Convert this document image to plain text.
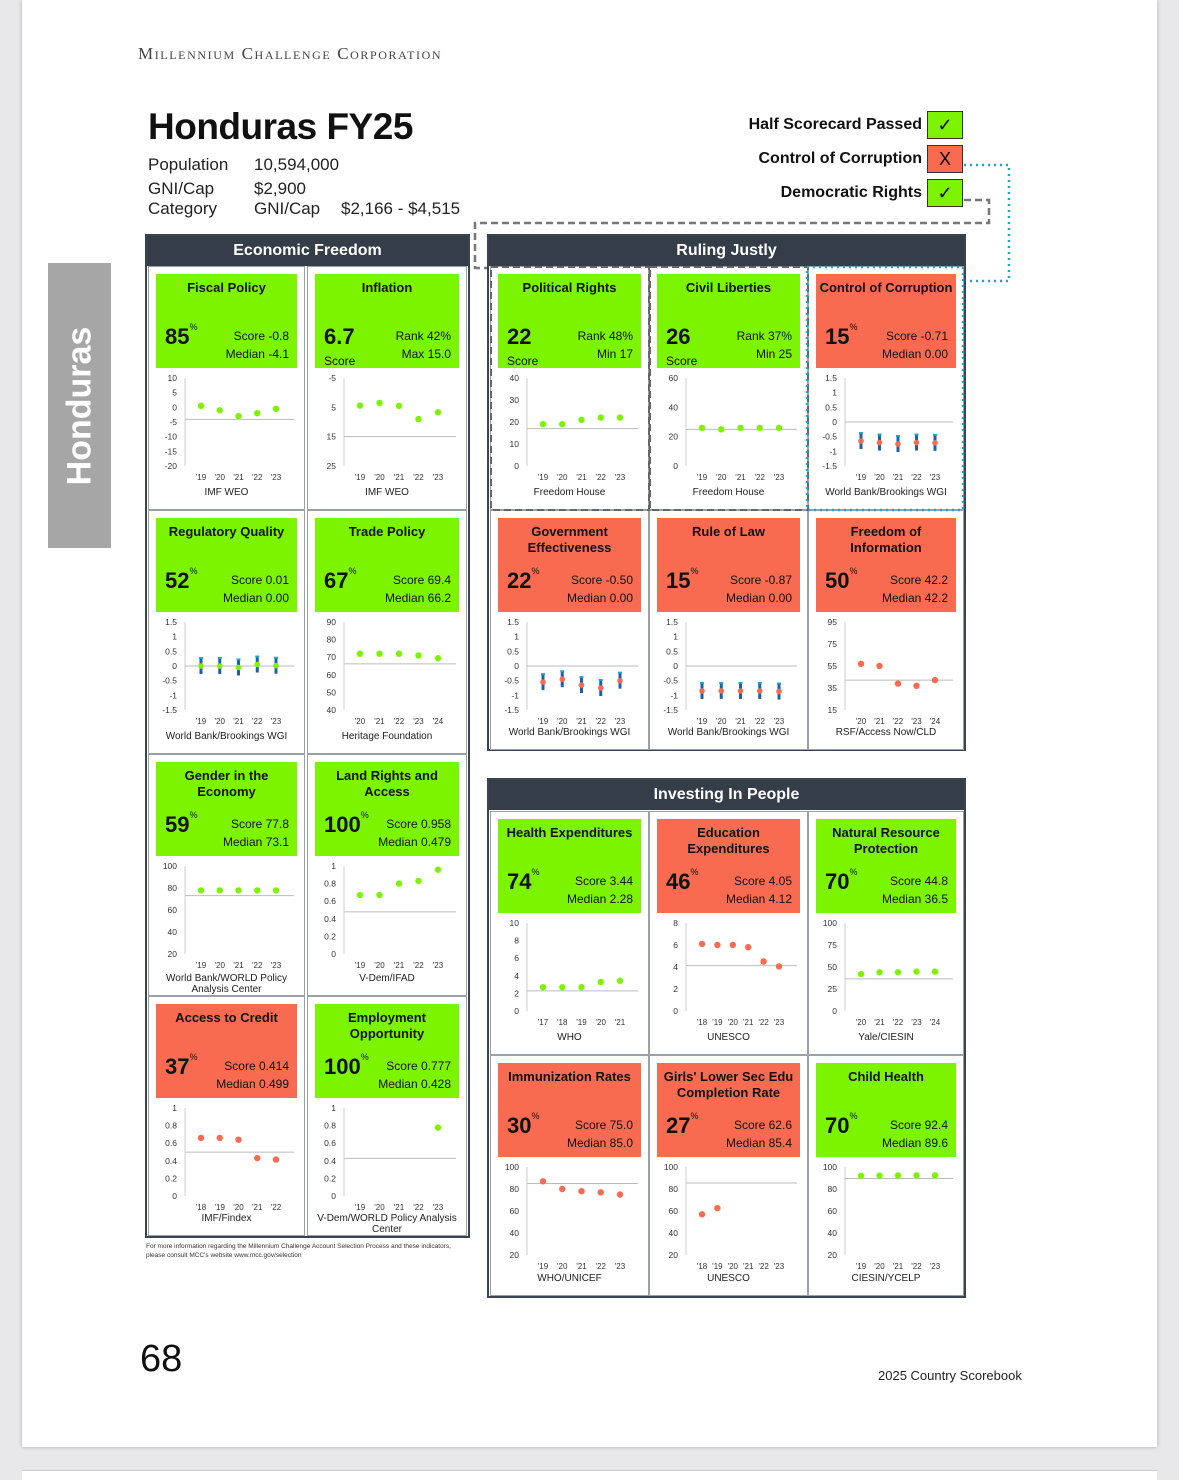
Millennium Challenge Corporation
Honduras FY25
Population 10,594,000
GNI/Cap $2,900
Category GNI/Cap $2,166 - $4,515
Honduras
Half Scorecard Passed ✓
Control of Corruption X
Democratic Rights ✓
Economic Freedom	Ruling Justly
Investing In People
Fiscal Policy
85%
Score -0.8
Median -4.1
IMF WEO
10
5
0
-5
-10
-15
-20
'19 '20 '21 '22 '23
Inflation
6.7
Score
Rank 42%
Max 15.0
IMF WEO
-5
5
15
25
'19 '20 '21 '22 '23
Political Rights
22
Score
Rank 48%
Min 17
Freedom House
40
30
20
10
0
'19 '20 '21 '22 '23
Civil Liberties
26
Score
Rank 37%
Min 25
Freedom House
60
40
20
0
'19 '20 '21 '22 '23
Control of Corruption
15%
Score -0.71
Median 0.00
World Bank/Brookings WGI
1.5
1
0.5
0
-0.5
-1
-1.5
'19 '20 '21 '22 '23
Regulatory Quality
52%
Score 0.01
Median 0.00
World Bank/Brookings WGI
1.5
1
0.5
0
-0.5
-1
-1.5
'19 '20 '21 '22 '23
Trade Policy
67%
Score 69.4
Median 66.2
Heritage Foundation
90
80
70
60
50
40
'20 '21 '22 '23 '24
Government Effectiveness
22%
Score -0.50
Median 0.00
World Bank/Brookings WGI
1.5
1
0.5
0
-0.5
-1
-1.5
'19 '20 '21 '22 '23
Rule of Law
15%
Score -0.87
Median 0.00
World Bank/Brookings WGI
1.5
1
0.5
0
-0.5
-1
-1.5
'19 '20 '21 '22 '23
Freedom of Information
50%
Score 42.2
Median 42.2
RSF/Access Now/CLD
95
75
55
35
15
'20 '21 '22 '23 '24
Gender in the Economy
59%
Score 77.8
Median 73.1
World Bank/WORLD Policy Analysis Center
100
80
60
40
20
'19 '20 '21 '22 '23
Land Rights and Access
100%
Score 0.958
Median 0.479
V-Dem/IFAD
1
0.8
0.6
0.4
0.2
0
'19 '20 '21 '22 '23
Access to Credit
37%
Score 0.414
Median 0.499
IMF/Findex
1
0.8
0.6
0.4
0.2
0
'18 '19 '20 '21 '22
Employment Opportunity
100%
Score 0.777
Median 0.428
V-Dem/WORLD Policy Analysis Center
1
0.8
0.6
0.4
0.2
0
'19 '20 '21 '22 '23
Health Expenditures
74%
Score 3.44
Median 2.28
WHO
10
8
6
4
2
0
'17 '18 '19 '20 '21
Education Expenditures
46%
Score 4.05
Median 4.12
UNESCO
8
6
4
2
0
'18 '19 '20 '21 '22 '23
Natural Resource Protection
70%
Score 44.8
Median 36.5
Yale/CIESIN
100
75
50
25
0
'20 '21 '22 '23 '24
Immunization Rates
30%
Score 75.0
Median 85.0
WHO/UNICEF
100
80
60
40
20
'19 '20 '21 '22 '23
Girls' Lower Sec Edu Completion Rate
27%
Score 62.6
Median 85.4
UNESCO
100
80
60
40
20
'18 '19 '20 '21 '22 '23
Child Health
70%
Score 92.4
Median 89.6
CIESIN/YCELP
100
80
60
40
20
'19 '20 '21 '22 '23
For more information regarding the Millennium Challenge Account Selection Process and these indicators, please consult MCC's website www.mcc.gov/selection
68	2025 Country Scorebook
